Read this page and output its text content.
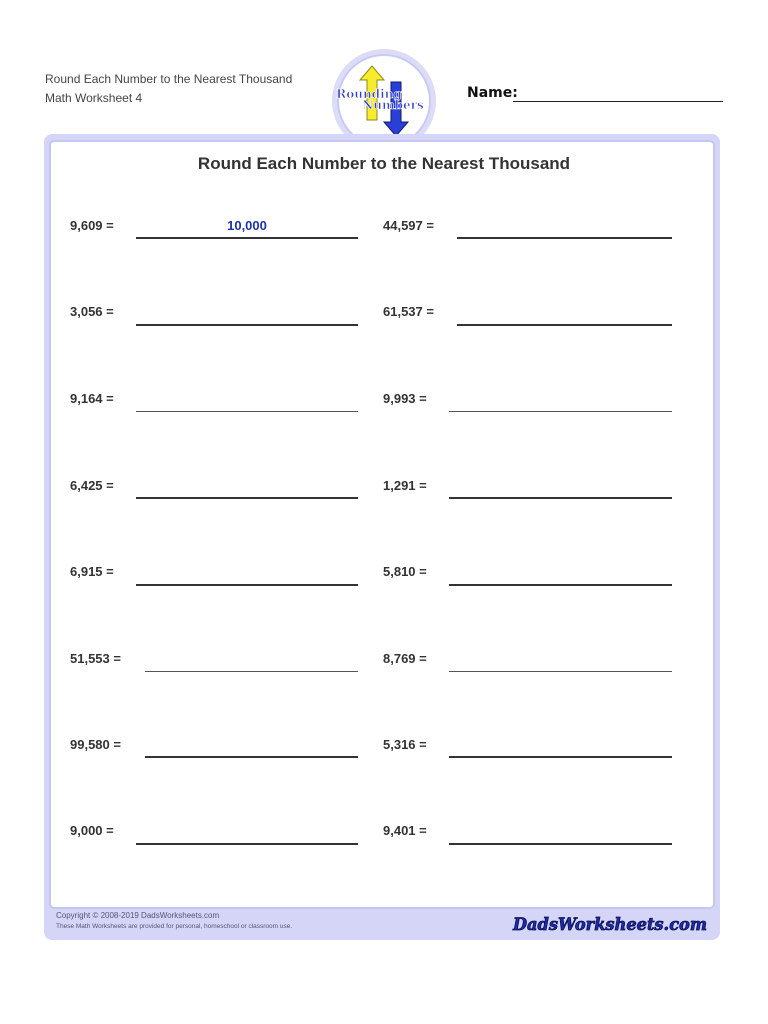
Round Each Number to the Nearest Thousand
Math Worksheet 4	Rounding
Numbers
Name:
Round Each Number to the Nearest Thousand
9,609 =	10,000
3,056 =
9,164 =
6,425 =
6,915 =
51,553 =
99,580 =
9,000 =
44,597 =
61,537 =
9,993 =
1,291 =
5,810 =
8,769 =
5,316 =
9,401 =
Copyright © 2008-2019 DadsWorksheets.com
These Math Worksheets are provided for personal, homeschool or classroom use.	DadsWorksheets.com
